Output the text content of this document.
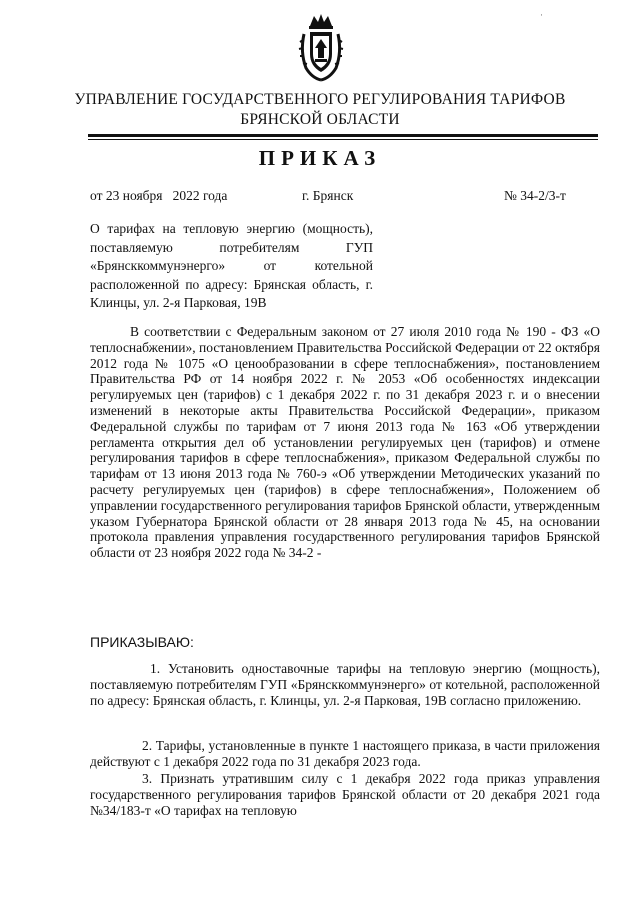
·
УПРАВЛЕНИЕ ГОСУДАРСТВЕННОГО РЕГУЛИРОВАНИЯ ТАРИФОВ
БРЯНСКОЙ ОБЛАСТИ
ПРИКАЗ
от 23 ноября   2022 года	г. Брянск	№ 34-2/3-т
О тарифах на тепловую энергию (мощность), поставляемую потребителям ГУП «Брянсккоммунэнерго» от котельной расположенной по адресу: Брянская область, г. Клинцы, ул. 2-я Парковая, 19В
В соответствии с Федеральным законом от 27 июля 2010 года № 190 - ФЗ «О теплоснабжении», постановлением Правительства Российской Федерации от 22 октября 2012 года № 1075 «О ценообразовании в сфере теплоснабжения», постановлением Правительства РФ от 14 ноября 2022 г. № 2053 «Об особенностях индексации регулируемых цен (тарифов) с 1 декабря 2022 г. по 31 декабря 2023 г. и о внесении изменений в некоторые акты Правительства Российской Федерации», приказом Федеральной службы по тарифам от 7 июня 2013 года № 163 «Об утверждении регламента открытия дел об установлении регулируемых цен (тарифов) и отмене регулирования тарифов в сфере теплоснабжения», приказом Федеральной службы по тарифам от 13 июня 2013 года № 760-э «Об утверждении Методических указаний по расчету регулируемых цен (тарифов) в сфере теплоснабжения», Положением об управлении государственного регулирования тарифов Брянской области, утвержденным указом Губернатора Брянской области от 28 января 2013 года № 45, на основании протокола правления управления государственного регулирования тарифов Брянской области от 23 ноября 2022 года № 34-2 -
ПРИКАЗЫВАЮ:
1. Установить одноставочные тарифы на тепловую энергию (мощность), поставляемую потребителям ГУП «Брянсккоммунэнерго» от котельной, расположенной по адресу: Брянская область, г. Клинцы, ул. 2-я Парковая, 19В согласно приложению.
2. Тарифы, установленные в пункте 1 настоящего приказа, в части приложения действуют с 1 декабря 2022 года по 31 декабря 2023 года.
3. Признать утратившим силу с 1 декабря 2022 года приказ управления государственного регулирования тарифов Брянской области от 20 декабря 2021 года №34/183-т «О тарифах на тепловую
